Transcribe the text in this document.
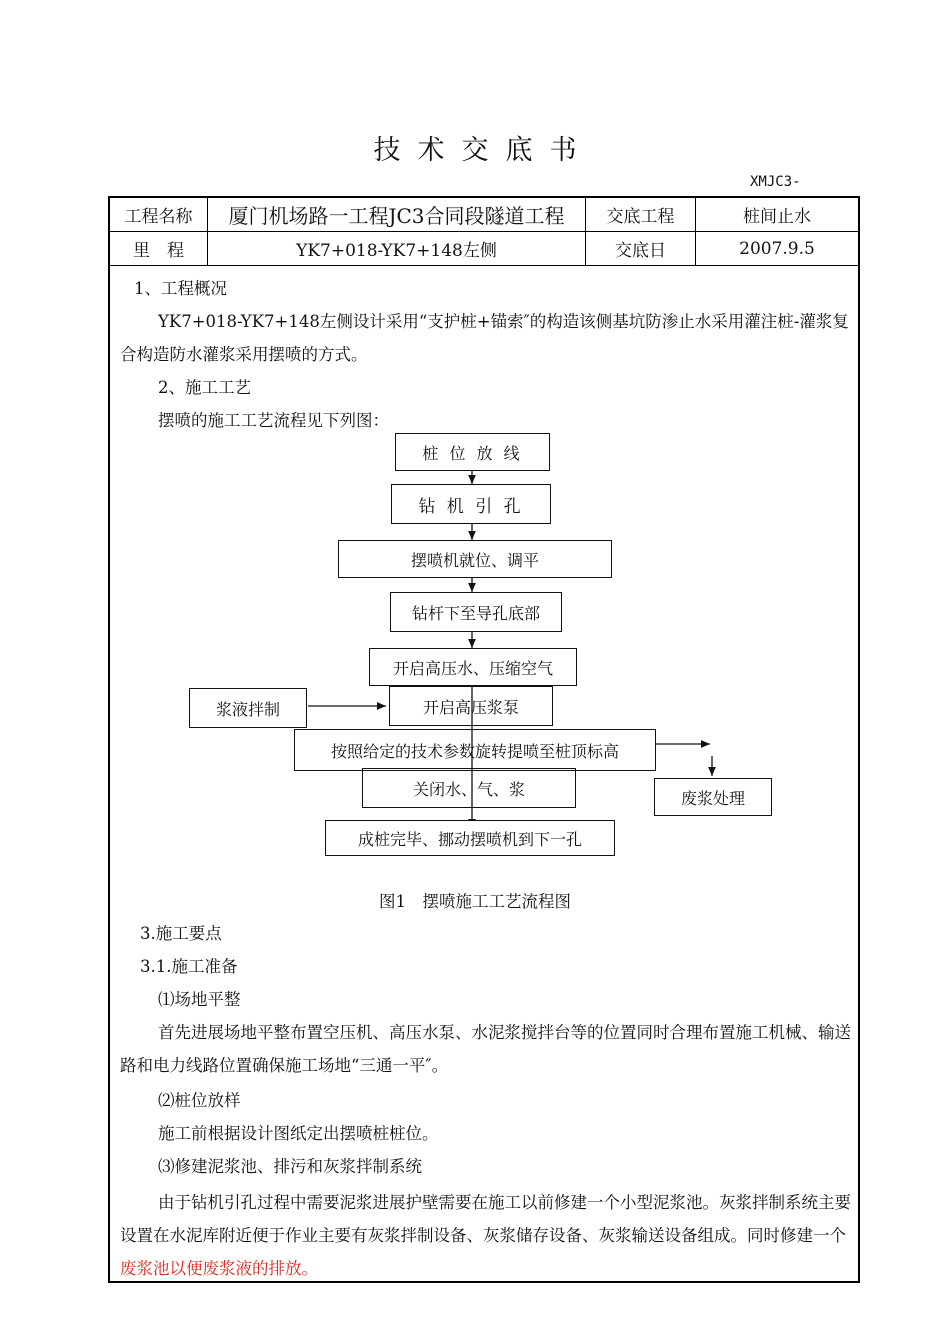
技术交底书
XMJC3-
工程名称	厦门机场路一工程JC3合同段隧道工程	交底工程	桩间止水
里　程	YK7+018-YK7+148左侧	交底日	2007.9.5
1、工程概况
YK7+018-YK7+148左侧设计采用“支护桩+锚索″的构造该侧基坑防渗止水采用灌注桩-灌浆复合构造防水灌浆采用摆喷的方式。
2、施工工艺
摆喷的施工工艺流程见下列图：
桩 位 放 线
钻 机 引 孔
摆喷机就位、调平
钻杆下至导孔底部
开启高压水、压缩空气
浆液拌制	开启高压浆泵
按照给定的技术参数旋转提喷至桩顶标高
关闭水、气、浆	废浆处理
成桩完毕、挪动摆喷机到下一孔
图1　摆喷施工工艺流程图
3.施工要点
3.1.施工准备
⑴场地平整
首先进展场地平整布置空压机、高压水泵、水泥浆搅拌台等的位置同时合理布置施工机械、输送路和电力线路位置确保施工场地“三通一平″。
⑵桩位放样
施工前根据设计图纸定出摆喷桩桩位。
⑶修建泥浆池、排污和灰浆拌制系统
由于钻机引孔过程中需要泥浆进展护壁需要在施工以前修建一个小型泥浆池。灰浆拌制系统主要设置在水泥库附近便于作业主要有灰浆拌制设备、灰浆储存设备、灰浆输送设备组成。同时修建一个废浆池以便废浆液的排放。
